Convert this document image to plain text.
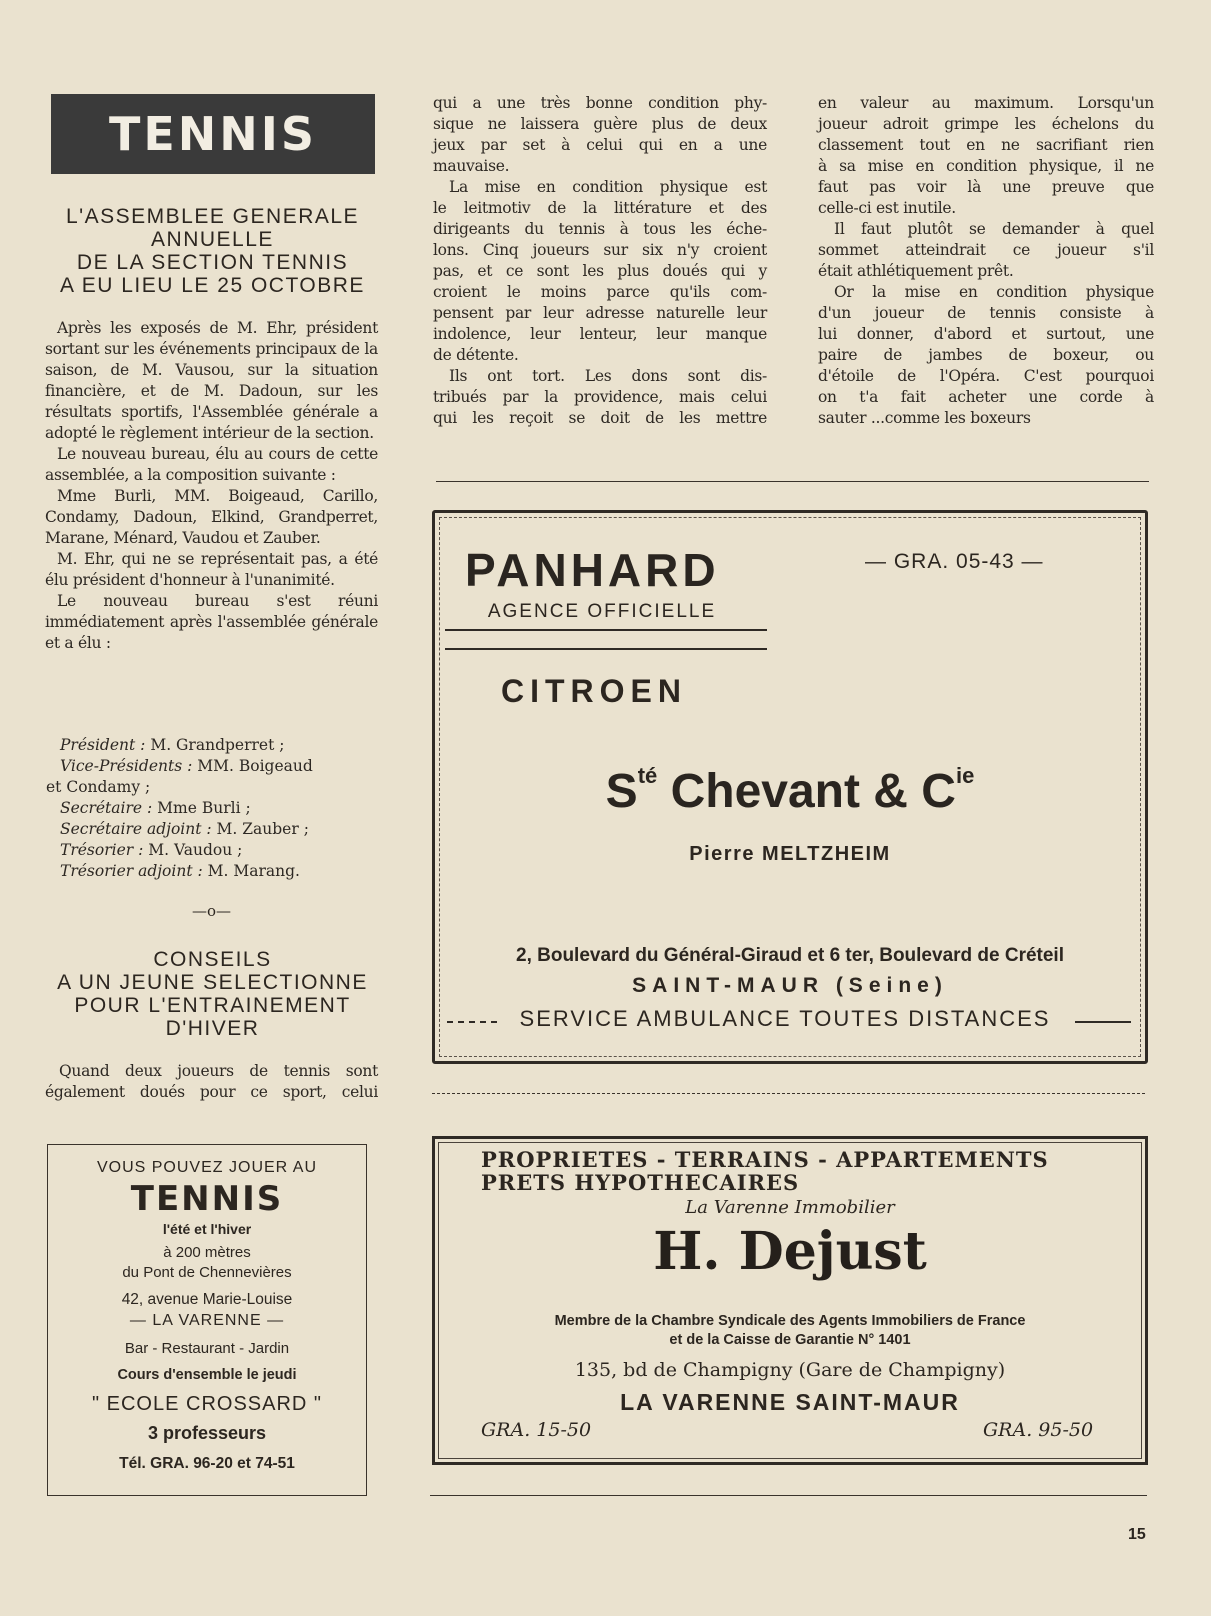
TENNIS
L'ASSEMBLEE GENERALE
ANNUELLE
DE LA SECTION TENNIS
A EU LIEU LE 25 OCTOBRE

Après les exposés de M. Ehr, président sortant sur les événements principaux de la saison, de M. Vausou, sur la situation financière, et de M. Dadoun, sur les résultats sportifs, l'Assemblée générale a adopté le règlement intérieur de la section.

Le nouveau bureau, élu au cours de cette assemblée, a la composition suivante :

Mme Burli, MM. Boigeaud, Carillo, Condamy, Dadoun, Elkind, Grandperret, Marane, Ménard, Vaudou et Zauber.

M. Ehr, qui ne se représentait pas, a été élu président d'honneur à l'unanimité.

Le nouveau bureau s'est réuni immédiatement après l'assemblée générale et a élu :

Président : M. Grandperret ;
Vice-Présidents : MM. Boigeaud
et Condamy ;
Secrétaire : Mme Burli ;
Secrétaire adjoint : M. Zauber ;
Trésorier : M. Vaudou ;
Trésorier adjoint : M. Marang.
—o—
CONSEILS
A UN JEUNE SELECTIONNE
POUR L'ENTRAINEMENT
D'HIVER
Quand deux joueurs de tennis sont
également doués pour ce sport, celui
qui a une très bonne condition phy-
sique ne laissera guère plus de deux
jeux par set à celui qui en a une
mauvaise.
La mise en condition physique est
le leitmotiv de la littérature et des
dirigeants du tennis à tous les éche-
lons. Cinq joueurs sur six n'y croient
pas, et ce sont les plus doués qui y
croient le moins parce qu'ils com-
pensent par leur adresse naturelle leur
indolence, leur lenteur, leur manque
de détente.
Ils ont tort. Les dons sont dis-
tribués par la providence, mais celui
qui les reçoit se doit de les mettre
en valeur au maximum. Lorsqu'un
joueur adroit grimpe les échelons du
classement tout en ne sacrifiant rien
à sa mise en condition physique, il ne
faut pas voir là une preuve que
celle-ci est inutile.
Il faut plutôt se demander à quel
sommet atteindrait ce joueur s'il
était athlétiquement prêt.
Or la mise en condition physique
d'un joueur de tennis consiste à
lui donner, d'abord et surtout, une
paire de jambes de boxeur, ou
d'étoile de l'Opéra. C'est pourquoi
on t'a fait acheter une corde à
sauter ...comme les boxeurs
PANHARD
AGENCE OFFICIELLE
— GRA. 05-43 —
CITROEN
$S^{té}$ Chevant & $C^{ie}$
Pierre MELTZHEIM
2, Boulevard du Général-Giraud et 6 ter, Boulevard de Créteil
SAINT-MAUR (Seine)
SERVICE AMBULANCE TOUTES DISTANCES
PROPRIETES - TERRAINS - APPARTEMENTS
PRETS HYPOTHECAIRES
La Varenne Immobilier
H. Dejust
Membre de la Chambre Syndicale des Agents Immobiliers de France
et de la Caisse de Garantie N° 1401
135, bd de Champigny (Gare de Champigny)
LA VARENNE SAINT-MAUR
GRA. 15-50	GRA. 95-50
VOUS POUVEZ JOUER AU
TENNIS
l'été et l'hiver
à 200 mètres
du Pont de Chennevières
42, avenue Marie-Louise
— LA VARENNE —
Bar - Restaurant - Jardin
Cours d'ensemble le jeudi
" ECOLE CROSSARD "
3 professeurs
Tél. GRA. 96-20 et 74-51
15
